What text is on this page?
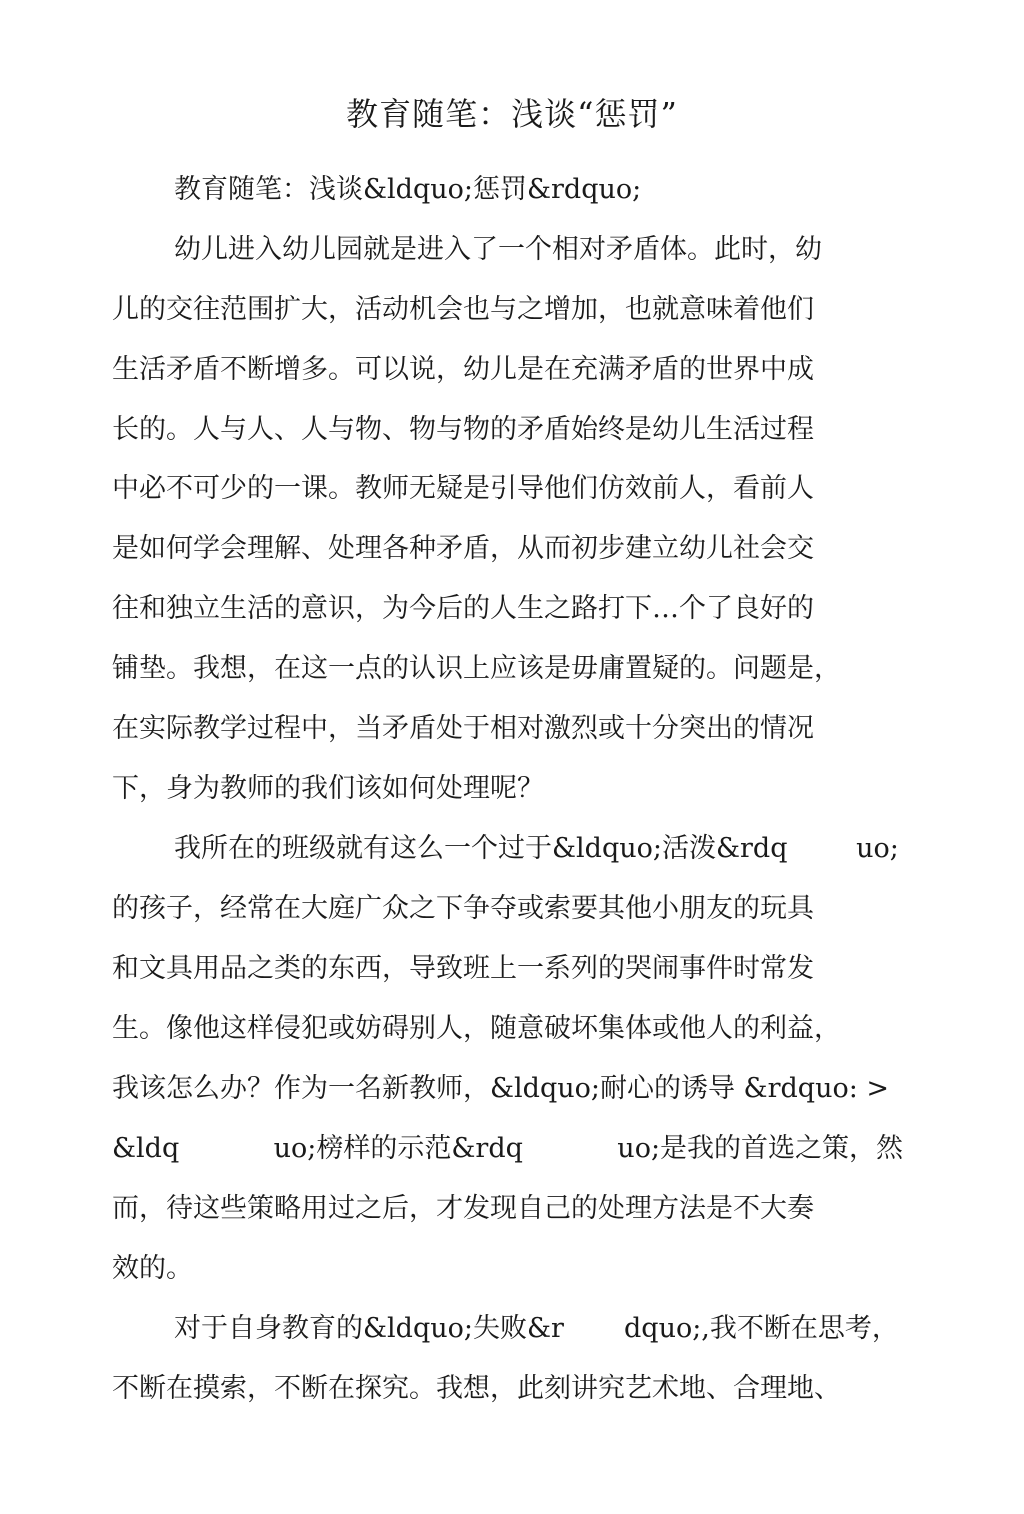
教育随笔：浅谈“惩罚”

教育随笔：浅谈&ldquo;惩罚&rdquo;

幼儿进入幼儿园就是进入了一个相对矛盾体。此时，幼

儿的交往范围扩大，活动机会也与之增加，也就意味着他们

生活矛盾不断增多。可以说，幼儿是在充满矛盾的世界中成

长的。人与人、人与物、物与物的矛盾始终是幼儿生活过程

中必不可少的一课。教师无疑是引导他们仿效前人，看前人

是如何学会理解、处理各种矛盾，从而初步建立幼儿社会交

往和独立生活的意识，为今后的人生之路打下…个了良好的

铺垫。我想，在这一点的认识上应该是毋庸置疑的。问题是，

在实际教学过程中，当矛盾处于相对激烈或十分突出的情况

下，身为教师的我们该如何处理呢？

我所在的班级就有这么一个过于&ldquo;活泼&rdq        uo;

的孩子，经常在大庭广众之下争夺或索要其他小朋友的玩具

和文具用品之类的东西，导致班上一系列的哭闹事件时常发

生。像他这样侵犯或妨碍别人，随意破坏集体或他人的利益，

我该怎么办？作为一名新教师，&ldquo;耐心的诱导 &rdquo: >

&ldq           uo;榜样的示范&rdq           uo;是我的首选之策，然

而，待这些策略用过之后，才发现自己的处理方法是不大奏

效的。

对于自身教育的&ldquo;失败&r       dquo;,我不断在思考，

不断在摸索，不断在探究。我想，此刻讲究艺术地、合理地、
